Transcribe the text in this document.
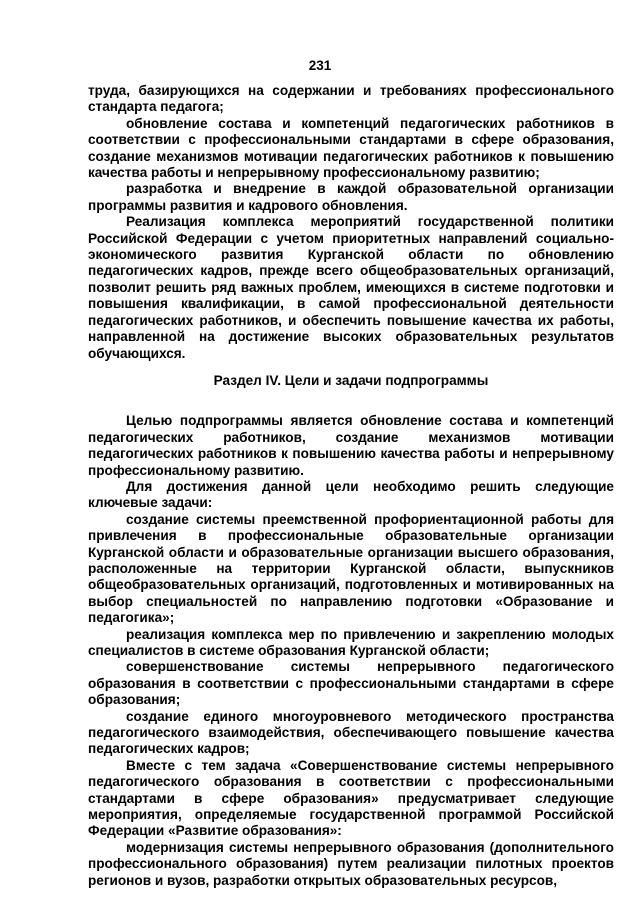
231

труда, базирующихся на содержании и требованиях профессионального стандарта педагога;

обновление состава и компетенций педагогических работников в соответствии с профессиональными стандартами в сфере образования, создание механизмов мотивации педагогических работников к повышению качества работы и непрерывному профессиональному развитию;

разработка и внедрение в каждой образовательной организации программы развития и кадрового обновления.

Реализация комплекса мероприятий государственной политики Российской Федерации с учетом приоритетных направлений социально-экономического развития Курганской области по обновлению педагогических кадров, прежде всего общеобразовательных организаций, позволит решить ряд важных проблем, имеющихся в системе подготовки и повышения квалификации, в самой профессиональной деятельности педагогических работников, и обеспечить повышение качества их работы, направленной на достижение высоких образовательных результатов обучающихся.

Раздел IV. Цели и задачи подпрограммы

Целью подпрограммы является обновление состава и компетенций педагогических работников, создание механизмов мотивации педагогических работников к повышению качества работы и непрерывному профессиональному развитию.

Для достижения данной цели необходимо решить следующие ключевые задачи:

создание системы преемственной профориентационной работы для привлечения в профессиональные образовательные организации Курганской области и образовательные организации высшего образования, расположенные на территории Курганской области, выпускников общеобразовательных организаций, подготовленных и мотивированных на выбор специальностей по направлению подготовки «Образование и педагогика»;

реализация комплекса мер по привлечению и закреплению молодых специалистов в системе образования Курганской области;

совершенствование системы непрерывного педагогического образования в соответствии с профессиональными стандартами в сфере образования;

создание единого многоуровневого методического пространства педагогического взаимодействия, обеспечивающего повышение качества педагогических кадров;

Вместе с тем задача «Совершенствование системы непрерывного педагогического образования в соответствии с профессиональными стандартами в сфере образования» предусматривает следующие мероприятия, определяемые государственной программой Российской Федерации «Развитие образования»:

модернизация системы непрерывного образования (дополнительного профессионального образования) путем реализации пилотных проектов регионов и вузов, разработки открытых образовательных ресурсов,
